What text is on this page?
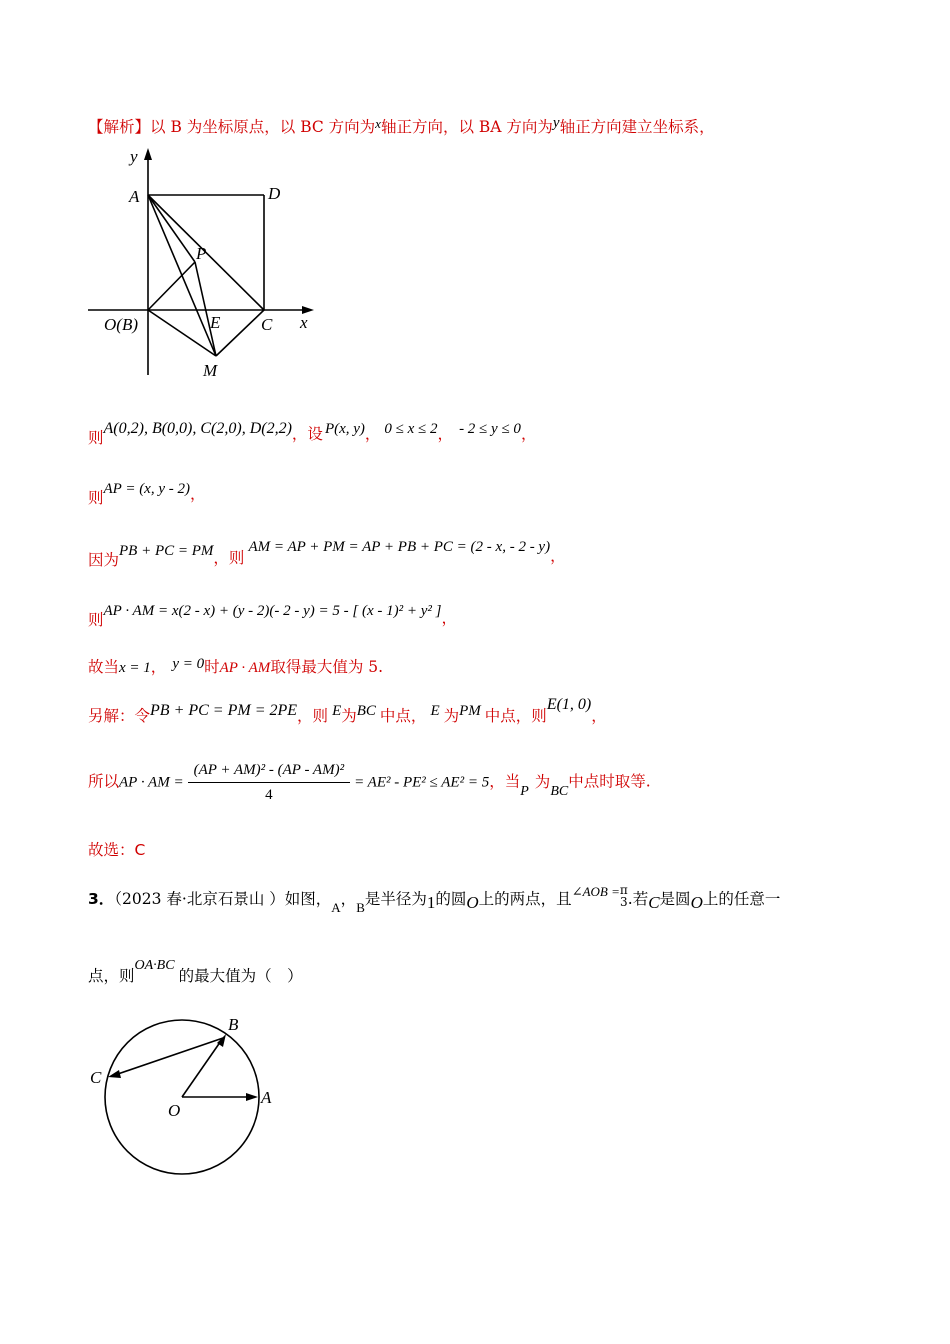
【解析】以 B 为坐标原点，以 BC 方向为$^x$轴正方向，以 BA 方向为y轴正方向建立坐标系，
y
A	D
P
O(B)	E C x
M
则A(0,2), B(0,0), C(2,0), D(2,2)，设 P(x, y)， 0 ≤ x ≤ 2， - 2 ≤ y ≤ 0，
则AP = (x, y - 2)，
因为PB + PC = PM，则AM = AP + PM = AP + PB + PC = (2 - x, - 2 - y)，
则AP · AM = x(2 - x) + (y - 2)(- 2 - y) = 5 - [ (x - 1)² + y² ]，
故当x = 1， y = 0时AP · AM取得最大值为 5.
另解：令PB + PC = PM = 2PE，则 E为BC 中点， E 为PM 中点，则E(1, 0)，
所以AP · AM = $\frac{\text{(AP + AM)² - (AP - AM)²}}{4} = AE^2 - PE^2 \le AE^2 = 5$，当P为BC中点时取等.
故选：C
3．（2023 春·北京石景山 ）如图，$_A$，$_B$是半径为1的圆O上的两点，且$^{\angle AOB =}$ π
3 .若C是圆O上的任意一
点，则OA·BC的最大值为（　）
B
C
O
A
